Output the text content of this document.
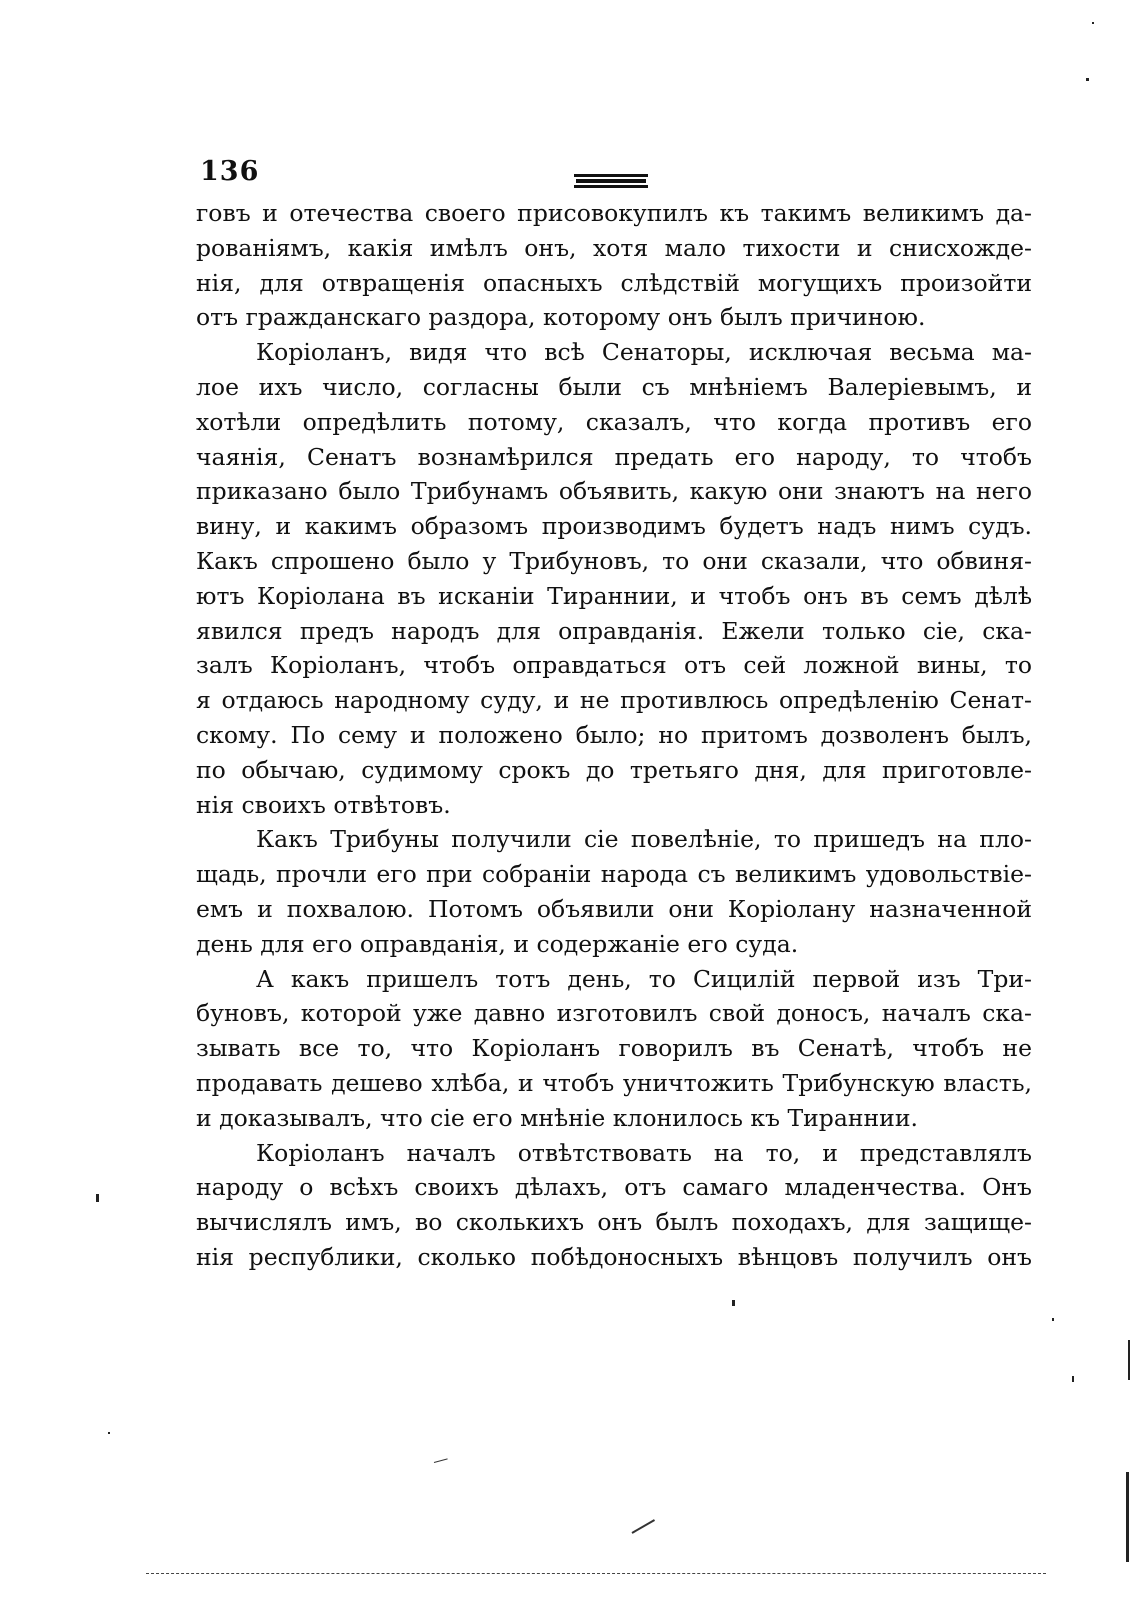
136
говъ и отечества своего присовокупилъ къ такимъ великимъ да-
рованіямъ, какія имѣлъ онъ, хотя мало тихости и снисхожде-
нія, для отвращенія опасныхъ слѣдствій могущихъ произойти
отъ гражданскаго раздора, которому онъ былъ причиною.
Коріоланъ, видя что всѣ Сенаторы, исключая весьма ма-
лое ихъ число, согласны были съ мнѣніемъ Валеріевымъ, и
хотѣли опредѣлить потому, сказалъ, что когда противъ его
чаянія, Сенатъ вознамѣрился предать его народу, то чтобъ
приказано было Трибунамъ объявить, какую они знаютъ на него
вину, и какимъ образомъ производимъ будетъ надъ нимъ судъ.
Какъ спрошено было у Трибуновъ, то они сказали, что обвиня-
ютъ Коріолана въ исканіи Тираннии, и чтобъ онъ въ семъ дѣлѣ
явился предъ народъ для оправданія. Ежели только сіе, ска-
залъ Коріоланъ, чтобъ оправдаться отъ сей ложной вины, то
я отдаюсь народному суду, и не противлюсь опредѣленію Сенат-
скому. По сему и положено было; но притомъ дозволенъ былъ,
по обычаю, судимому срокъ до третьяго дня, для приготовле-
нія своихъ отвѣтовъ.
Какъ Трибуны получили сіе повелѣніе, то пришедъ на пло-
щадь, прочли его при собраніи народа съ великимъ удовольствіе-
емъ и похвалою. Потомъ объявили они Коріолану назначенной
день для его оправданія, и содержаніе его суда.
А какъ пришелъ тотъ день, то Сицилій первой изъ Три-
буновъ, которой уже давно изготовилъ свой доносъ, началъ ска-
зывать все то, что Коріоланъ говорилъ въ Сенатѣ, чтобъ не
продавать дешево хлѣба, и чтобъ уничтожить Трибунскую власть,
и доказывалъ, что сіе его мнѣніе клонилось къ Тираннии.
Коріоланъ началъ отвѣтствовать на то, и представлялъ
народу о всѣхъ своихъ дѣлахъ, отъ самаго младенчества. Онъ
вычислялъ имъ, во сколькихъ онъ былъ походахъ, для защище-
нія республики, сколько побѣдоносныхъ вѣнцовъ получилъ онъ
